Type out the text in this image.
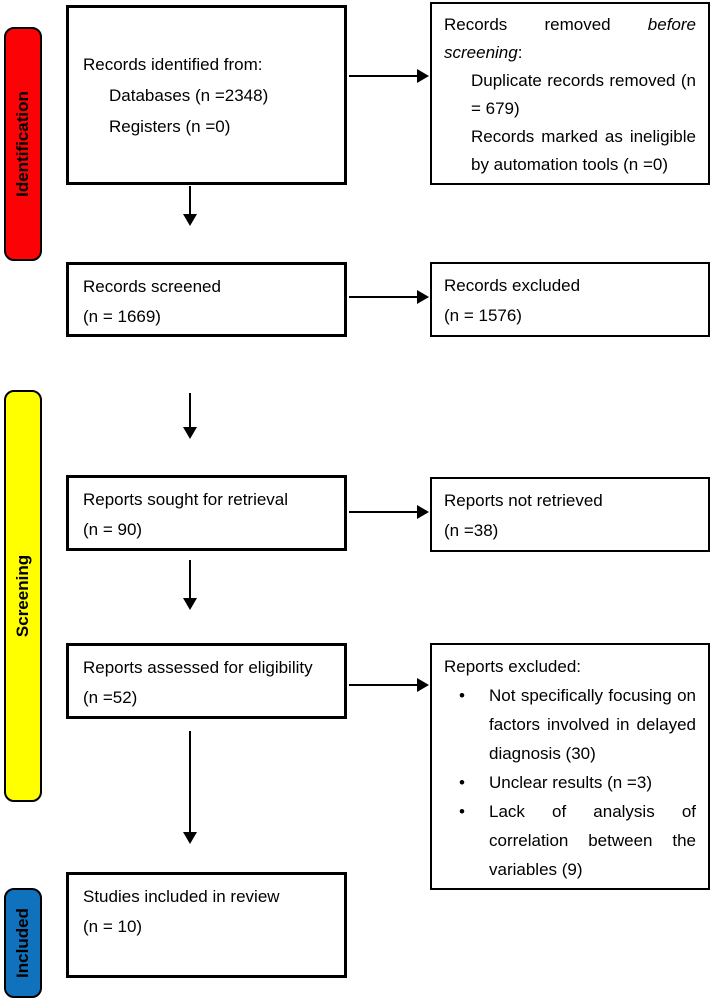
Identification
Screening
Included
Records identified from:
Databases (n =2348)
Registers (n =0)
Records removed before screening:
Duplicate records removed (n = 679)
Records marked as ineligible by automation tools (n =0)
Records screened
(n = 1669)
Records excluded
(n = 1576)
Reports sought for retrieval
(n = 90)
Reports not retrieved
(n =38)
Reports assessed for eligibility
(n =52)
Reports excluded:
• Not specifically focusing on factors involved in delayed diagnosis (30)
• Unclear results (n =3)
• Lack of analysis of correlation between the variables (9)
Studies included in review
(n = 10)
